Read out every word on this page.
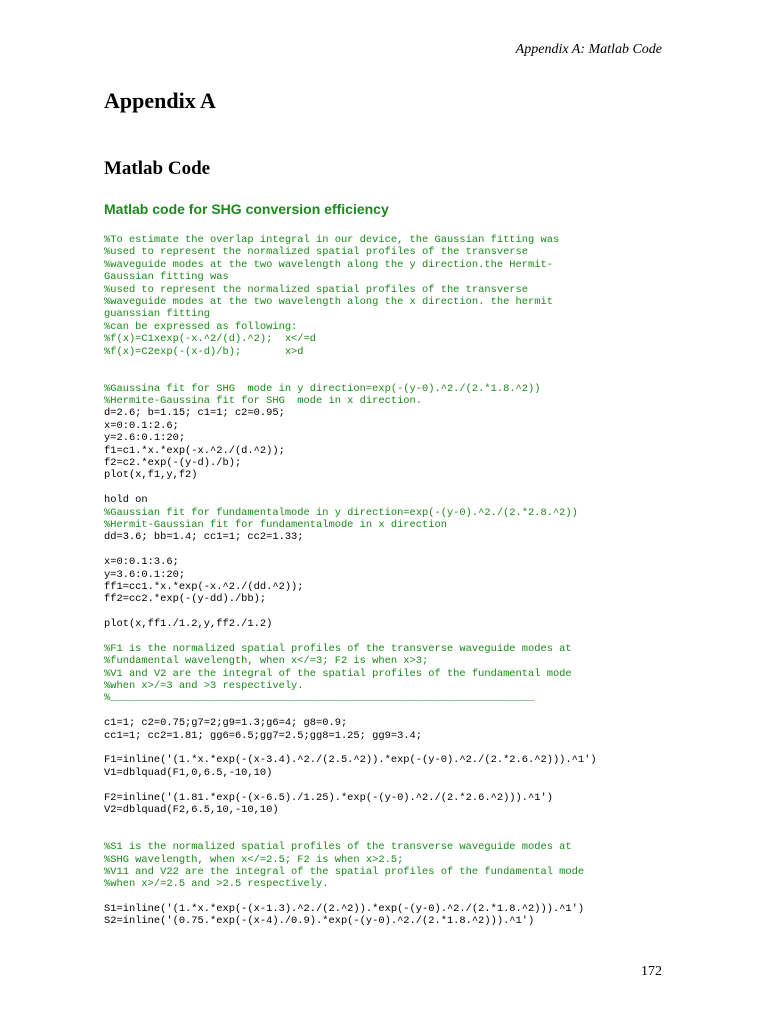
Appendix A: Matlab Code
Appendix A
Matlab Code
Matlab code for SHG conversion efficiency
%To estimate the overlap integral in our device, the Gaussian fitting was
%used to represent the normalized spatial profiles of the transverse
%waveguide modes at the two wavelength along the y direction.the Hermit-
Gaussian fitting was
%used to represent the normalized spatial profiles of the transverse
%waveguide modes at the two wavelength along the x direction. the hermit
guanssian fitting
%can be expressed as following:
%f(x)=C1xexp(-x.^2/(d).^2);  x</=d
%f(x)=C2exp(-(x-d)/b);       x>d
%Gaussina fit for SHG  mode in y direction=exp(-(y-0).^2./(2.*1.8.^2))
%Hermite-Gaussina fit for SHG  mode in x direction.
d=2.6; b=1.15; c1=1; c2=0.95;
x=0:0.1:2.6;
y=2.6:0.1:20;
f1=c1.*x.*exp(-x.^2./(d.^2));
f2=c2.*exp(-(y-d)./b);
plot(x,f1,y,f2)
hold on
%Gaussian fit for fundamentalmode in y direction=exp(-(y-0).^2./(2.*2.8.^2))
%Hermit-Gaussian fit for fundamentalmode in x direction
dd=3.6; bb=1.4; cc1=1; cc2=1.33;
x=0:0.1:3.6;
y=3.6:0.1:20;
ff1=cc1.*x.*exp(-x.^2./(dd.^2));
ff2=cc2.*exp(-(y-dd)./bb);
plot(x,ff1./1.2,y,ff2./1.2)
%F1 is the normalized spatial profiles of the transverse waveguide modes at
%fundamental wavelength, when x</=3; F2 is when x>3;
%V1 and V2 are the integral of the spatial profiles of the fundamental mode
%when x>/=3 and >3 respectively.
%____________________________________________________________________
c1=1; c2=0.75;g7=2;g9=1.3;g6=4; g8=0.9;
cc1=1; cc2=1.81; gg6=6.5;gg7=2.5;gg8=1.25; gg9=3.4;
F1=inline('(1.*x.*exp(-(x-3.4).^2./(2.5.^2)).*exp(-(y-0).^2./(2.*2.6.^2))).^1')
V1=dblquad(F1,0,6.5,-10,10)
F2=inline('(1.81.*exp(-(x-6.5)./1.25).*exp(-(y-0).^2./(2.*2.6.^2))).^1')
V2=dblquad(F2,6.5,10,-10,10)
%S1 is the normalized spatial profiles of the transverse waveguide modes at
%SHG wavelength, when x</=2.5; F2 is when x>2.5;
%V11 and V22 are the integral of the spatial profiles of the fundamental mode
%when x>/=2.5 and >2.5 respectively.
S1=inline('(1.*x.*exp(-(x-1.3).^2./(2.^2)).*exp(-(y-0).^2./(2.*1.8.^2))).^1')
S2=inline('(0.75.*exp(-(x-4)./0.9).*exp(-(y-0).^2./(2.*1.8.^2))).^1')
172
